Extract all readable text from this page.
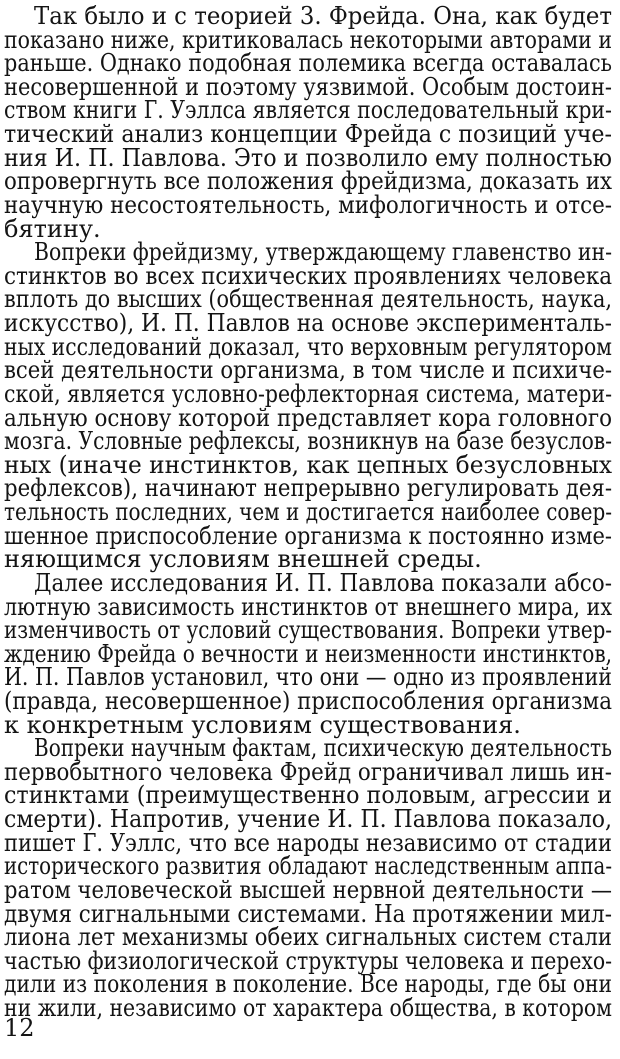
Так было и с теорией 3. Фрейда. Она, как будет
показано ниже, критиковалась некоторыми авторами и
раньше. Однако подобная полемика всегда оставалась
несовершенной и поэтому уязвимой. Особым достоин-
ством книги Г. Уэллса является последовательный кри-
тический анализ концепции Фрейда с позиций уче-
ния И. П. Павлова. Это и позволило ему полностью
опровергнуть все положения фрейдизма, доказать их
научную несостоятельность, мифологичность и отсе-
бятину.
Вопреки фрейдизму, утверждающему главенство ин-
стинктов во всех психических проявлениях человека
вплоть до высших (общественная деятельность, наука,
искусство), И. П. Павлов на основе эксперименталь-
ных исследований доказал, что верховным регулятором
всей деятельности организма, в том числе и психиче-
ской, является условно-рефлекторная система, матери-
альную основу которой представляет кора головного
мозга. Условные рефлексы, возникнув на базе безуслов-
ных (иначе инстинктов, как цепных безусловных
рефлексов), начинают непрерывно регулировать дея-
тельность последних, чем и достигается наиболее совер-
шенное приспособление организма к постоянно изме-
няющимся условиям внешней среды.
Далее исследования И. П. Павлова показали абсо-
лютную зависимость инстинктов от внешнего мира, их
изменчивость от условий существования. Вопреки утвер-
ждению Фрейда о вечности и неизменности инстинктов,
И. П. Павлов установил, что они — одно из проявлений
(правда, несовершенное) приспособления организма
к конкретным условиям существования.
Вопреки научным фактам, психическую деятельность
первобытного человека Фрейд ограничивал лишь ин-
стинктами (преимущественно половым, агрессии и
смерти). Напротив, учение И. П. Павлова показало,
пишет Г. Уэллс, что все народы независимо от стадии
исторического развития обладают наследственным аппа-
ратом человеческой высшей нервной деятельности —
двумя сигнальными системами. На протяжении мил-
лиона лет механизмы обеих сигнальных систем стали
частью физиологической структуры человека и перехо-
дили из поколения в поколение. Все народы, где бы они
ни жили, независимо от характера общества, в котором
12
